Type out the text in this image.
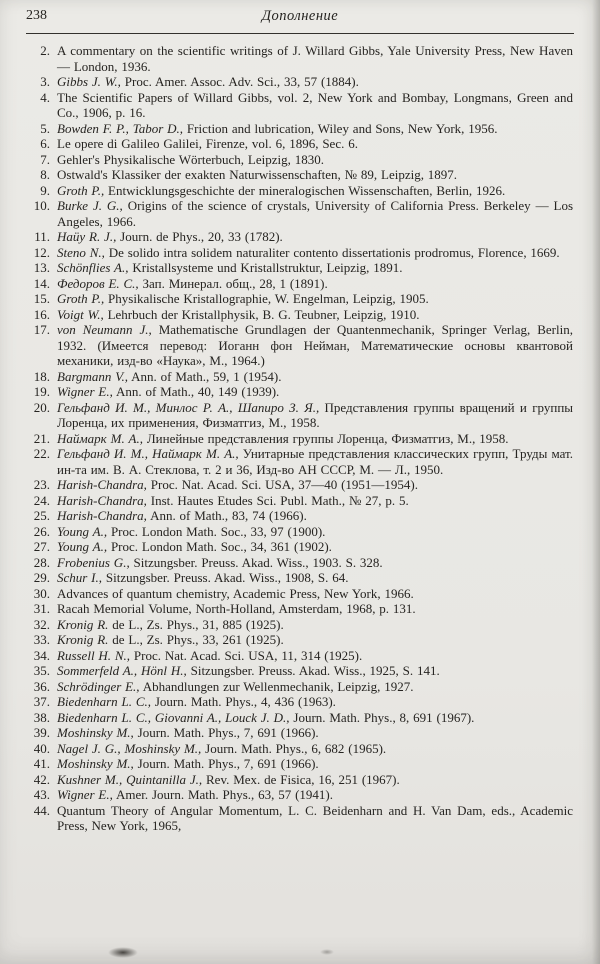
238	Дополнение
2. A commentary on the scientific writings of J. Willard Gibbs, Yale University Press, New Haven — London, 1936.
3. Gibbs J. W., Proc. Amer. Assoc. Adv. Sci., 33, 57 (1884).
4. The Scientific Papers of Willard Gibbs, vol. 2, New York and Bombay, Longmans, Green and Co., 1906, p. 16.
5. Bowden F. P., Tabor D., Friction and lubrication, Wiley and Sons, New York, 1956.
6. Le opere di Galileo Galilei, Firenze, vol. 6, 1896, Sec. 6.
7. Gehler's Physikalische Wörterbuch, Leipzig, 1830.
8. Ostwald's Klassiker der exakten Naturwissenschaften, № 89, Leipzig, 1897.
9. Groth P., Entwicklungsgeschichte der mineralogischen Wissenschaften, Berlin, 1926.
10. Burke J. G., Origins of the science of crystals, University of California Press. Berkeley — Los Angeles, 1966.
11. Haüy R. J., Journ. de Phys., 20, 33 (1782).
12. Steno N., De solido intra solidem naturaliter contento dissertationis prodromus, Florence, 1669.
13. Schönflies A., Kristallsysteme und Kristallstruktur, Leipzig, 1891.
14. Федоров Е. С., Зап. Минерал. общ., 28, 1 (1891).
15. Groth P., Physikalische Kristallographie, W. Engelman, Leipzig, 1905.
16. Voigt W., Lehrbuch der Kristallphysik, B. G. Teubner, Leipzig, 1910.
17. von Neumann J., Mathematische Grundlagen der Quantenmechanik, Springer Verlag, Berlin, 1932. (Имеется перевод: Иоганн фон Нейман, Математические основы квантовой механики, изд-во «Наука», М., 1964.)
18. Bargmann V., Ann. of Math., 59, 1 (1954).
19. Wigner E., Ann. of Math., 40, 149 (1939).
20. Гельфанд И. М., Минлос Р. А., Шапиро З. Я., Представления группы вращений и группы Лоренца, их применения, Физматгиз, М., 1958.
21. Наймарк М. А., Линейные представления группы Лоренца, Физматгиз, М., 1958.
22. Гельфанд И. М., Наймарк М. А., Унитарные представления классических групп, Труды мат. ин-та им. В. А. Стеклова, т. 2 и 36, Изд-во АН СССР, М. — Л., 1950.
23. Harish-Chandra, Proc. Nat. Acad. Sci. USA, 37—40 (1951—1954).
24. Harish-Chandra, Inst. Hautes Etudes Sci. Publ. Math., № 27, p. 5.
25. Harish-Chandra, Ann. of Math., 83, 74 (1966).
26. Young A., Proc. London Math. Soc., 33, 97 (1900).
27. Young A., Proc. London Math. Soc., 34, 361 (1902).
28. Frobenius G., Sitzungsber. Preuss. Akad. Wiss., 1903. S. 328.
29. Schur I., Sitzungsber. Preuss. Akad. Wiss., 1908, S. 64.
30. Advances of quantum chemistry, Academic Press, New York, 1966.
31. Racah Memorial Volume, North-Holland, Amsterdam, 1968, p. 131.
32. Kronig R. de L., Zs. Phys., 31, 885 (1925).
33. Kronig R. de L., Zs. Phys., 33, 261 (1925).
34. Russell H. N., Proc. Nat. Acad. Sci. USA, 11, 314 (1925).
35. Sommerfeld A., Hönl H., Sitzungsber. Preuss. Akad. Wiss., 1925, S. 141.
36. Schrödinger E., Abhandlungen zur Wellenmechanik, Leipzig, 1927.
37. Biedenharn L. C., Journ. Math. Phys., 4, 436 (1963).
38. Biedenharn L. C., Giovanni A., Louck J. D., Journ. Math. Phys., 8, 691 (1967).
39. Moshinsky M., Journ. Math. Phys., 7, 691 (1966).
40. Nagel J. G., Moshinsky M., Journ. Math. Phys., 6, 682 (1965).
41. Moshinsky M., Journ. Math. Phys., 7, 691 (1966).
42. Kushner M., Quintanilla J., Rev. Mex. de Fisica, 16, 251 (1967).
43. Wigner E., Amer. Journ. Math. Phys., 63, 57 (1941).
44. Quantum Theory of Angular Momentum, L. C. Beidenharn and H. Van Dam, eds., Academic Press, New York, 1965,
